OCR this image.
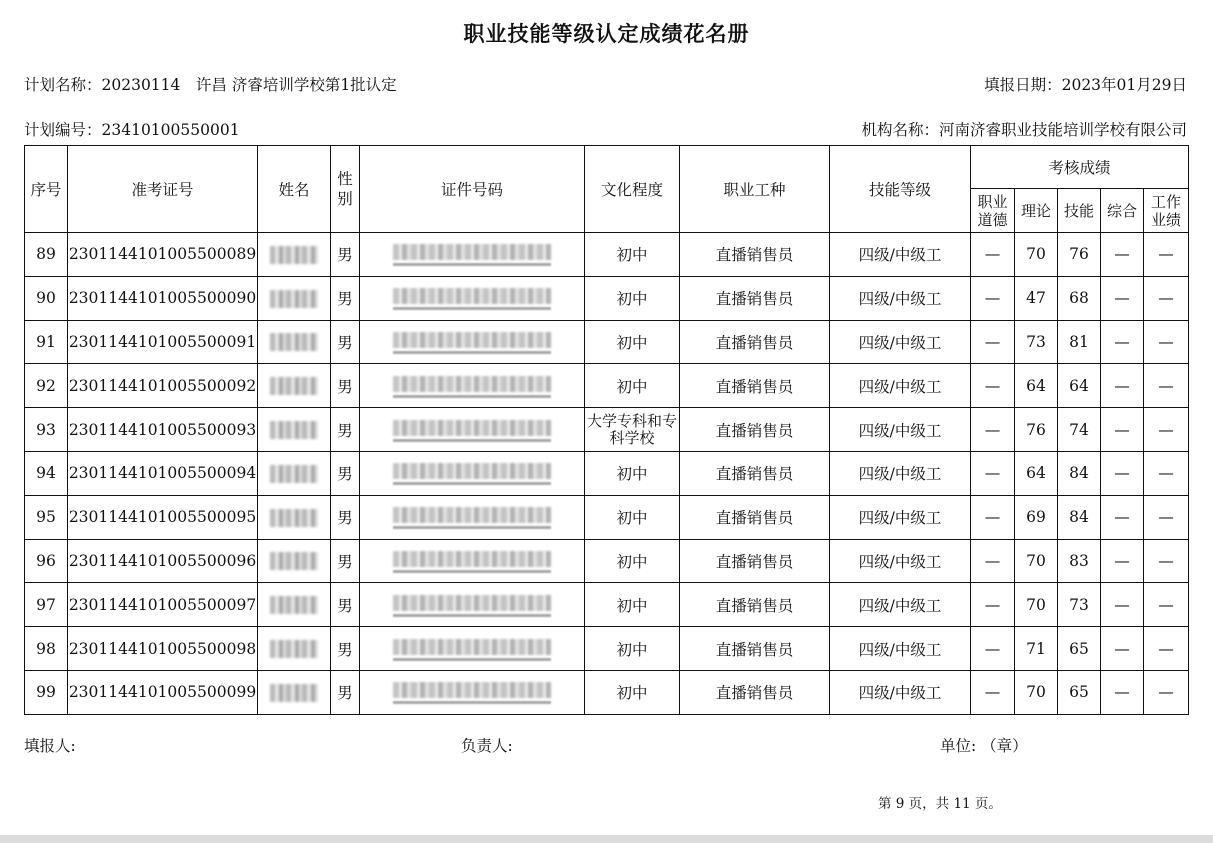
职业技能等级认定成绩花名册
计划名称：20230114　许昌 济睿培训学校第1批认定	填报日期：2023年01月29日
计划编号：23410100550001	机构名称：河南济睿职业技能培训学校有限公司
序号	准考证号	姓名	性别	证件号码	文化程度	职业工种	技能等级	考核成绩				
								职业道德	理论	技能	综合	工作业绩
89	2301144101005500089		男		初中	直播销售员	四级/中级工	—	70	76	—	—
90	2301144101005500090		男		初中	直播销售员	四级/中级工	—	47	68	—	—
91	2301144101005500091		男		初中	直播销售员	四级/中级工	—	73	81	—	—
92	2301144101005500092		男		初中	直播销售员	四级/中级工	—	64	64	—	—
93	2301144101005500093		男		大学专科和专科学校	直播销售员	四级/中级工	—	76	74	—	—
94	2301144101005500094		男		初中	直播销售员	四级/中级工	—	64	84	—	—
95	2301144101005500095		男		初中	直播销售员	四级/中级工	—	69	84	—	—
96	2301144101005500096		男		初中	直播销售员	四级/中级工	—	70	83	—	—
97	2301144101005500097		男		初中	直播销售员	四级/中级工	—	70	73	—	—
98	2301144101005500098		男		初中	直播销售员	四级/中级工	—	71	65	—	—
99	2301144101005500099		男		初中	直播销售员	四级/中级工	—	70	65	—	—
填报人:	负责人:	单位: （章）
第 9 页，共 11 页。
